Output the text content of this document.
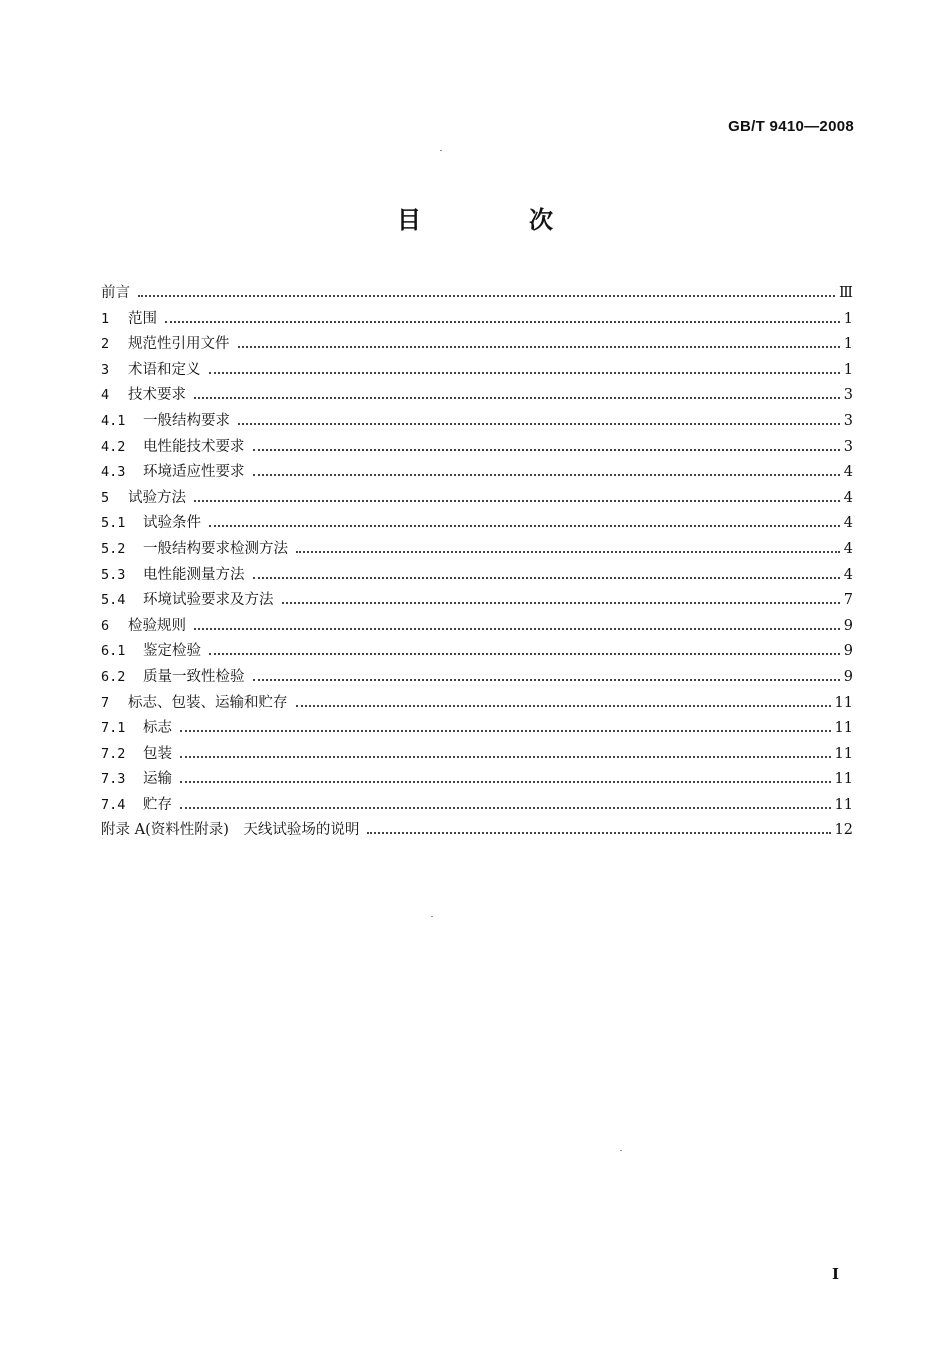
GB/T 9410—2008
目　次
前言	Ⅲ
1	范围	1
2	规范性引用文件	1
3	术语和定义	1
4	技术要求	3
4.1	一般结构要求	3
4.2	电性能技术要求	3
4.3	环境适应性要求	4
5	试验方法	4
5.1	试验条件	4
5.2	一般结构要求检测方法	4
5.3	电性能测量方法	4
5.4	环境试验要求及方法	7
6	检验规则	9
6.1	鉴定检验	9
6.2	质量一致性检验	9
7	标志、包装、运输和贮存	11
7.1	标志	11
7.2	包装	11
7.3	运输	11
7.4	贮存	11
附录 A(资料性附录)　天线试验场的说明	12
I
